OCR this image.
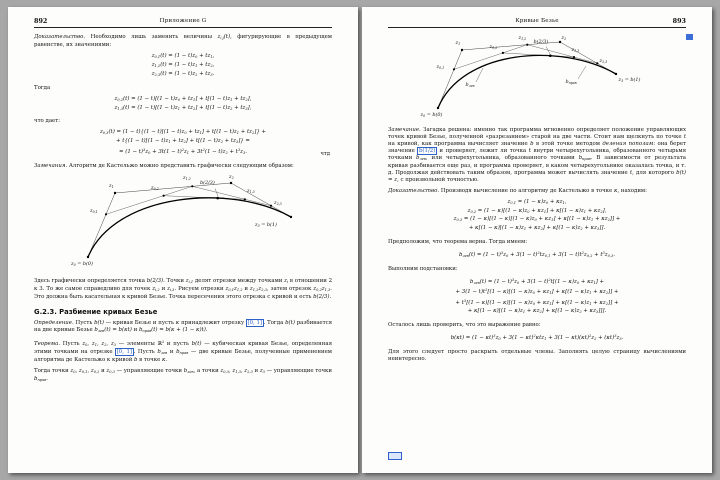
892	Приложение G

Доказательство. Необходимо лишь заменить величины $z_{i,j}(t)$, фигурирующие в предыдущем равенстве, их значениями:

$z_{0,1}(t) = (1 - t)z_0 + tz_1$,
$z_{1,2}(t) = (1 - t)z_1 + tz_2$,
$z_{2,3}(t) = (1 - t)z_2 + tz_3$.

Тогда

$z_{0,2}(t) = (1 - t)[(1 - t)z_0 + tz_1] + t[(1 - t)z_1 + tz_2]$,
$z_{1,3}(t) = (1 - t)[(1 - t)z_1 + tz_2] + t[(1 - t)z_2 + tz_3]$,

что дает:

$z_{0,3}(t) = (1 - t)\{(1 - t)[(1 - t)z_0 + tz_1] + t[(1 - t)z_1 + tz_2]\}$ +
+ $t\{(1 - t)[(1 - t)z_1 + tz_2] + t[(1 - t)z_2 + tz_3]\}$ =
= $(1 - t)^3z_0 + 3t(1 - t)^2z_1 + 3t^2(1 - t)z_2 + t^3z_3$.	чтд

Замечания. Алгоритм де Кастельжо можно представить графически следующим образом:

$z_1$
$z_{1,2}$	$z_2$
$z_{0,1}$
$z_{0,2}$	$z_{1,3}$
b(2/3)
$z_{2,3}$
$z_3 = b(1)$
$z_0 = b(0)$

Здесь графически определяется точка b(2/3). Точки $z_{i,1}$ делят отрезки между точками $z_i$ в отношении 2 к 3. То же самое справедливо для точек $z_{i,2}$ и $z_{i,3}$. Рисуем отрезки $z_{0,1}z_{1,2}$ и $z_{1,2}z_{2,3}$, затем отрезок $z_{0,2}z_{1,3}$. Это должна быть касательная к кривой Безье. Точка пересечения этого отрезка с кривой и есть b(2/3).

G.2.3. Разбиение кривых Безье

Определение. Пусть b(t) — кривая Безье и пусть κ принадлежит отрезку [0, 1] . Тогда b(t) разбивается на две кривые Безье $b_{лев}(t) = b(\kappa t)$ и $b_{прав}(t) = b(\kappa + (1 - \kappa)t)$.

Теорема. Пусть $z_0$, $z_1$, $z_2$, $z_3$ — элементы ℝ$^2$ и пусть b(t) — кубическая кривая Безье, определенная этими точками на отрезке [0, 1] . Пусть $b_{лев}$ и $b_{прав}$ — две кривые Безье, полученные применением алгоритма де Кастельжо к кривой b в точке κ.

Тогда точки $z_0$, $z_{0,1}$, $z_{0,2}$ и $z_{0,3}$ — управляющие точки $b_{лев}$, а точки $z_{0,3}$, $z_{1,3}$, $z_{2,3}$ и $z_3$ — управляющие точки $b_{прав}$.

Кривые Безье	893
$z_1$
$z_{1,2}$	$z_2$
$z_{0,1}$
$z_{0,2}$	$z_{1,3}$
b(2/3)
$z_{2,3}$
$b_{лев}$
$b_{прав}$
$z_0 = b(0)$
$z_3 = b(1)$

Замечание. Загадка решена: именно так программа мгновенно определяет положение управляющих точек кривой Безье, полученной «разрезанием» старой на две части. Стоит нам щелкнуть по точке t на кривой, как программа вычисляет значение b в этой точке методом деления пополам: она берет значение b(1/2) и проверяет, лежит ли точка t внутри четырехугольника, образованного четырьмя точками $b_{лев}$, или четырехугольника, образованного точками $b_{прав}$. В зависимости от результата кривая разбивается еще раз, и программа проверяет, в каком четырехугольнике оказалась точка, и т. д. Продолжая действовать таким образом, программа может вычислять значение t, для которого b(t) = z, с произвольной точностью.

Доказательство. Производя вычисление по алгоритму де Кастельжо в точке κ, находим:

$z_{0,1} = (1 - \kappa)z_0 + \kappa z_1$,
$z_{0,2} = (1 - \kappa)[(1 - \kappa)z_0 + \kappa z_1] + \kappa[(1 - \kappa)z_1 + \kappa z_2]$,
$z_{0,3} = (1 - \kappa)[(1 - \kappa)[(1 - \kappa)z_0 + \kappa z_1] + \kappa[(1 - \kappa)z_1 + \kappa z_2]]$ +
+ $\kappa[(1 - \kappa)[(1 - \kappa)z_1 + \kappa z_2] + \kappa[(1 - \kappa)z_2 + \kappa z_3]]$.

Предположим, что теорема верна. Тогда имеем:

$b_{лев}(t) = (1 - t)^3z_0 + 3(1 - t)^2tz_{0,1} + 3(1 - t)t^2z_{0,2} + t^3z_{0,3}$.

Выполним подстановки:

$b_{лев}(t) = (1 - t)^3z_0 + 3(1 - t)^2t[(1 - \kappa)z_0 + \kappa z_1]$ +
+ $3(1 - t)t^2[(1 - \kappa)[(1 - \kappa)z_0 + \kappa z_1] + \kappa[(1 - \kappa)z_1 + \kappa z_2]]$ +
+ $t^3[(1 - \kappa)[(1 - \kappa)[(1 - \kappa)z_0 + \kappa z_1] + \kappa[(1 - \kappa)z_1 + \kappa z_2]]$ +
+ $\kappa[(1 - \kappa)[(1 - \kappa)z_1 + \kappa z_2] + \kappa[(1 - \kappa)z_2 + \kappa z_3]]$].

Осталось лишь проверить, что это выражение равно:

$b(\kappa t) = (1 - \kappa t)^3z_0 + 3(1 - \kappa t)^2\kappa tz_1 + 3(1 - \kappa t)(\kappa t)^2z_2 + (\kappa t)^3z_3$.

Для этого следует просто раскрыть отдельные члены. Заполнять целую страницу вычислениями неинтересно.
